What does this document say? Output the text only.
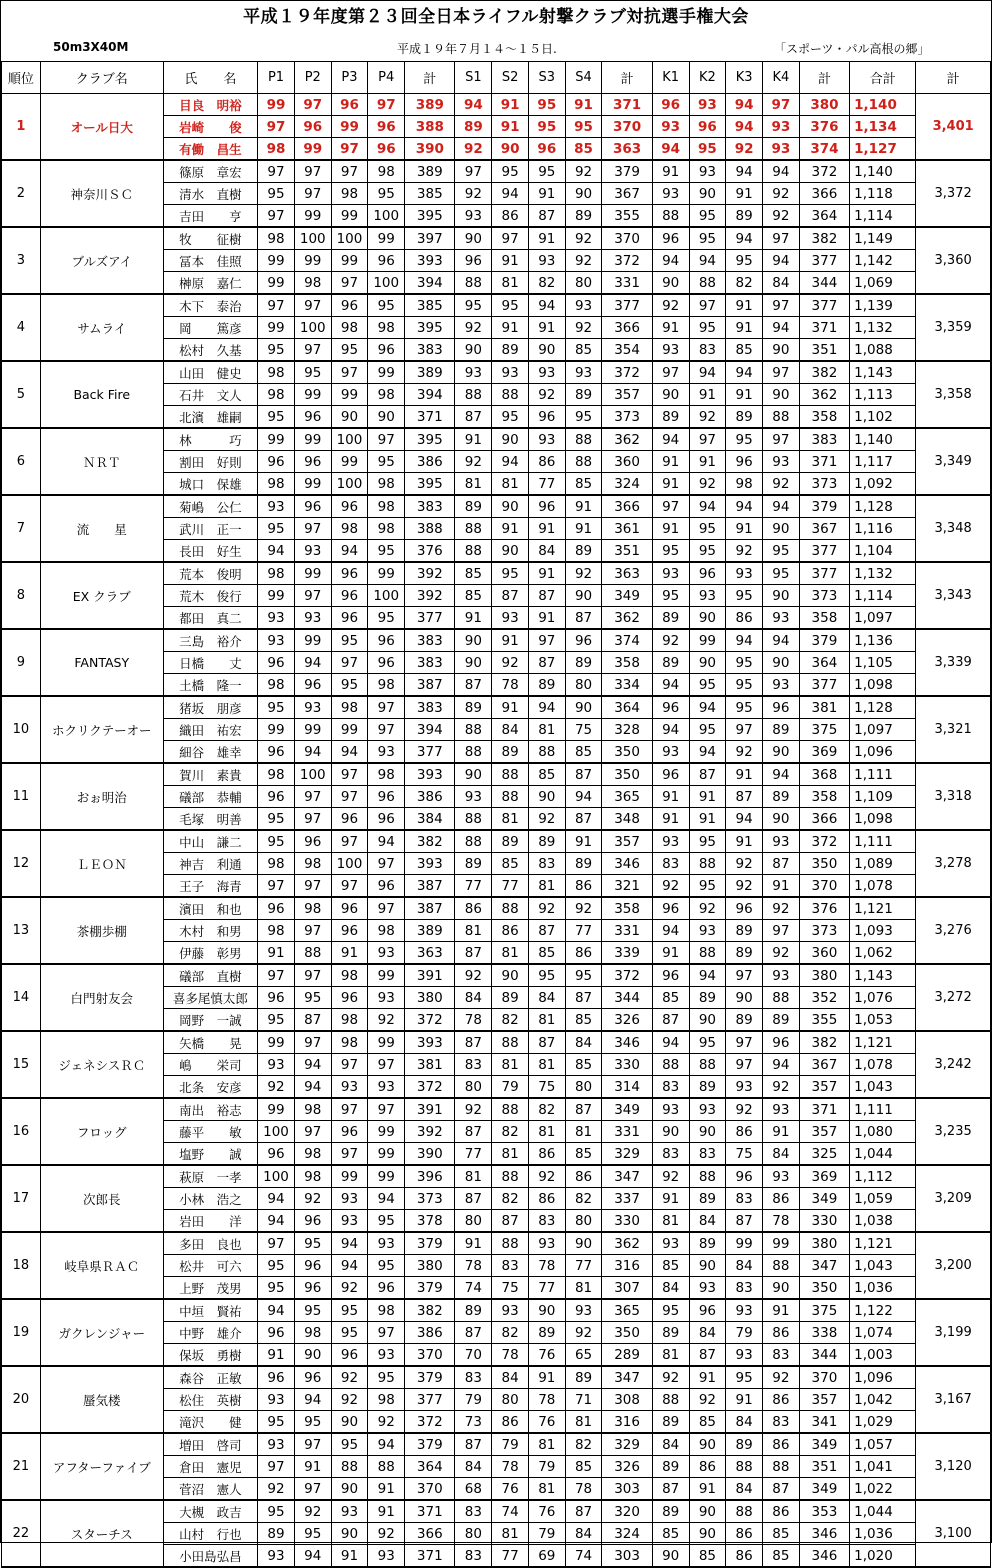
平成１９年度第２３回全日本ライフル射撃クラブ対抗選手権大会
50m3X40M	平成１９年７月１４～１５日.	「スポーツ・パル高根の郷」
順位	クラブ名	氏　　名	P1	P2	P3	P4	計	S1	S2	S3	S4	計	K1	K2	K3	K4	計	合計	計
1	オール日大	目良　明裕	99	97	96	97	389	94	91	95	91	371	96	93	94	97	380	1,140	3,401
		岩崎　　俊	97	96	99	96	388	89	91	95	95	370	93	96	94	93	376	1,134	
		有働　昌生	98	99	97	96	390	92	90	96	85	363	94	95	92	93	374	1,127	
2	神奈川ＳＣ	篠原　章宏	97	97	97	98	389	97	95	95	92	379	91	93	94	94	372	1,140	3,372
		清水　直樹	95	97	98	95	385	92	94	91	90	367	93	90	91	92	366	1,118	
		吉田　　亨	97	99	99	100	395	93	86	87	89	355	88	95	89	92	364	1,114	
3	ブルズアイ	牧　　征樹	98	100	100	99	397	90	97	91	92	370	96	95	94	97	382	1,149	3,360
		冨本　佳照	99	99	99	96	393	96	91	93	92	372	94	94	95	94	377	1,142	
		榊原　嘉仁	99	98	97	100	394	88	81	82	80	331	90	88	82	84	344	1,069	
4	サムライ	木下　泰治	97	97	96	95	385	95	95	94	93	377	92	97	91	97	377	1,139	3,359
		岡　　篤彦	99	100	98	98	395	92	91	91	92	366	91	95	91	94	371	1,132	
		松村　久基	95	97	95	96	383	90	89	90	85	354	93	83	85	90	351	1,088	
5	Back Fire	山田　健史	98	95	97	99	389	93	93	93	93	372	97	94	94	97	382	1,143	3,358
		石井　文人	98	99	99	98	394	88	88	92	89	357	90	91	91	90	362	1,113	
		北濱　雄嗣	95	96	90	90	371	87	95	96	95	373	89	92	89	88	358	1,102	
6	ＮＲＴ	林　　　巧	99	99	100	97	395	91	90	93	88	362	94	97	95	97	383	1,140	3,349
		割田　好則	96	96	99	95	386	92	94	86	88	360	91	91	96	93	371	1,117	
		城口　保雄	98	99	100	98	395	81	81	77	85	324	91	92	98	92	373	1,092	
7	流　　星	菊嶋　公仁	93	96	96	98	383	89	90	96	91	366	97	94	94	94	379	1,128	3,348
		武川　正一	95	97	98	98	388	88	91	91	91	361	91	95	91	90	367	1,116	
		長田　好生	94	93	94	95	376	88	90	84	89	351	95	95	92	95	377	1,104	
8	EX クラブ	荒本　俊明	98	99	96	99	392	85	95	91	92	363	93	96	93	95	377	1,132	3,343
		荒木　俊行	99	97	96	100	392	85	87	87	90	349	95	93	95	90	373	1,114	
		都田　真二	93	93	96	95	377	91	93	91	87	362	89	90	86	93	358	1,097	
9	FANTASY	三島　裕介	93	99	95	96	383	90	91	97	96	374	92	99	94	94	379	1,136	3,339
		日橋　　丈	96	94	97	96	383	90	92	87	89	358	89	90	95	90	364	1,105	
		土橋　隆一	98	96	95	98	387	87	78	89	80	334	94	95	95	93	377	1,098	
10	ホクリクテーオー	猪坂　朋彦	95	93	98	97	383	89	91	94	90	364	96	94	95	96	381	1,128	3,321
		織田　祐宏	99	99	99	97	394	88	84	81	75	328	94	95	97	89	375	1,097	
		細谷　雄幸	96	94	94	93	377	88	89	88	85	350	93	94	92	90	369	1,096	
11	おぉ明治	賀川　素貴	98	100	97	98	393	90	88	85	87	350	96	87	91	94	368	1,111	3,318
		礒部　恭輔	96	97	97	96	386	93	88	90	94	365	91	91	87	89	358	1,109	
		毛塚　明善	95	97	96	96	384	88	81	92	87	348	91	91	94	90	366	1,098	
12	ＬＥＯＮ	中山　謙二	95	96	97	94	382	88	89	89	91	357	93	95	91	93	372	1,111	3,278
		神吉　利通	98	98	100	97	393	89	85	83	89	346	83	88	92	87	350	1,089	
		王子　海青	97	97	97	96	387	77	77	81	86	321	92	95	92	91	370	1,078	
13	茶棚歩棚	濱田　和也	96	98	96	97	387	86	88	92	92	358	96	92	96	92	376	1,121	3,276
		木村　和男	98	97	96	98	389	81	86	87	77	331	94	93	89	97	373	1,093	
		伊藤　彰男	91	88	91	93	363	87	81	85	86	339	91	88	89	92	360	1,062	
14	白門射友会	礒部　直樹	97	97	98	99	391	92	90	95	95	372	96	94	97	93	380	1,143	3,272
		喜多尾慎太郎	96	95	96	93	380	84	89	84	87	344	85	89	90	88	352	1,076	
		岡野　一誠	95	87	98	92	372	78	82	81	85	326	87	90	89	89	355	1,053	
15	ジェネシスＲＣ	矢橋　　晃	99	97	98	99	393	87	88	87	84	346	94	95	97	96	382	1,121	3,242
		嶋　　栄司	93	94	97	97	381	83	81	81	85	330	88	88	97	94	367	1,078	
		北条　安彦	92	94	93	93	372	80	79	75	80	314	83	89	93	92	357	1,043	
16	フロッグ	南出　裕志	99	98	97	97	391	92	88	82	87	349	93	93	92	93	371	1,111	3,235
		藤平　　敏	100	97	96	99	392	87	82	81	81	331	90	90	86	91	357	1,080	
		塩野　　誠	96	98	97	99	390	77	81	86	85	329	83	83	75	84	325	1,044	
17	次郎長	萩原　一孝	100	98	99	99	396	81	88	92	86	347	92	88	96	93	369	1,112	3,209
		小林　浩之	94	92	93	94	373	87	82	86	82	337	91	89	83	86	349	1,059	
		岩田　　洋	94	96	93	95	378	80	87	83	80	330	81	84	87	78	330	1,038	
18	岐阜県ＲＡＣ	多田　良也	97	95	94	93	379	91	88	93	90	362	93	89	99	99	380	1,121	3,200
		松井　可六	95	96	94	95	380	78	83	78	77	316	85	90	84	88	347	1,043	
		上野　茂男	95	96	92	96	379	74	75	77	81	307	84	93	83	90	350	1,036	
19	ガクレンジャー	中垣　賢祐	94	95	95	98	382	89	93	90	93	365	95	96	93	91	375	1,122	3,199
		中野　雄介	96	98	95	97	386	87	82	89	92	350	89	84	79	86	338	1,074	
		保坂　勇樹	91	90	96	93	370	70	78	76	65	289	81	87	93	83	344	1,003	
20	蜃気楼	森谷　正敏	96	96	92	95	379	83	84	91	89	347	92	91	95	92	370	1,096	3,167
		松住　英樹	93	94	92	98	377	79	80	78	71	308	88	92	91	86	357	1,042	
		滝沢　　健	95	95	90	92	372	73	86	76	81	316	89	85	84	83	341	1,029	
21	アフターファイブ	増田　啓司	93	97	95	94	379	87	79	81	82	329	84	90	89	86	349	1,057	3,120
		倉田　憲児	97	91	88	88	364	84	78	79	85	326	89	86	88	88	351	1,041	
		菅沼　憲人	92	97	90	91	370	68	76	81	78	303	87	91	84	87	349	1,022	
22	スターチス	大槻　政吉	95	92	93	91	371	83	74	76	87	320	89	90	88	86	353	1,044	3,100
		山村　行也	89	95	90	92	366	80	81	79	84	324	85	90	86	85	346	1,036	
		小田島弘昌	93	94	91	93	371	83	77	69	74	303	90	85	86	85	346	1,020	
